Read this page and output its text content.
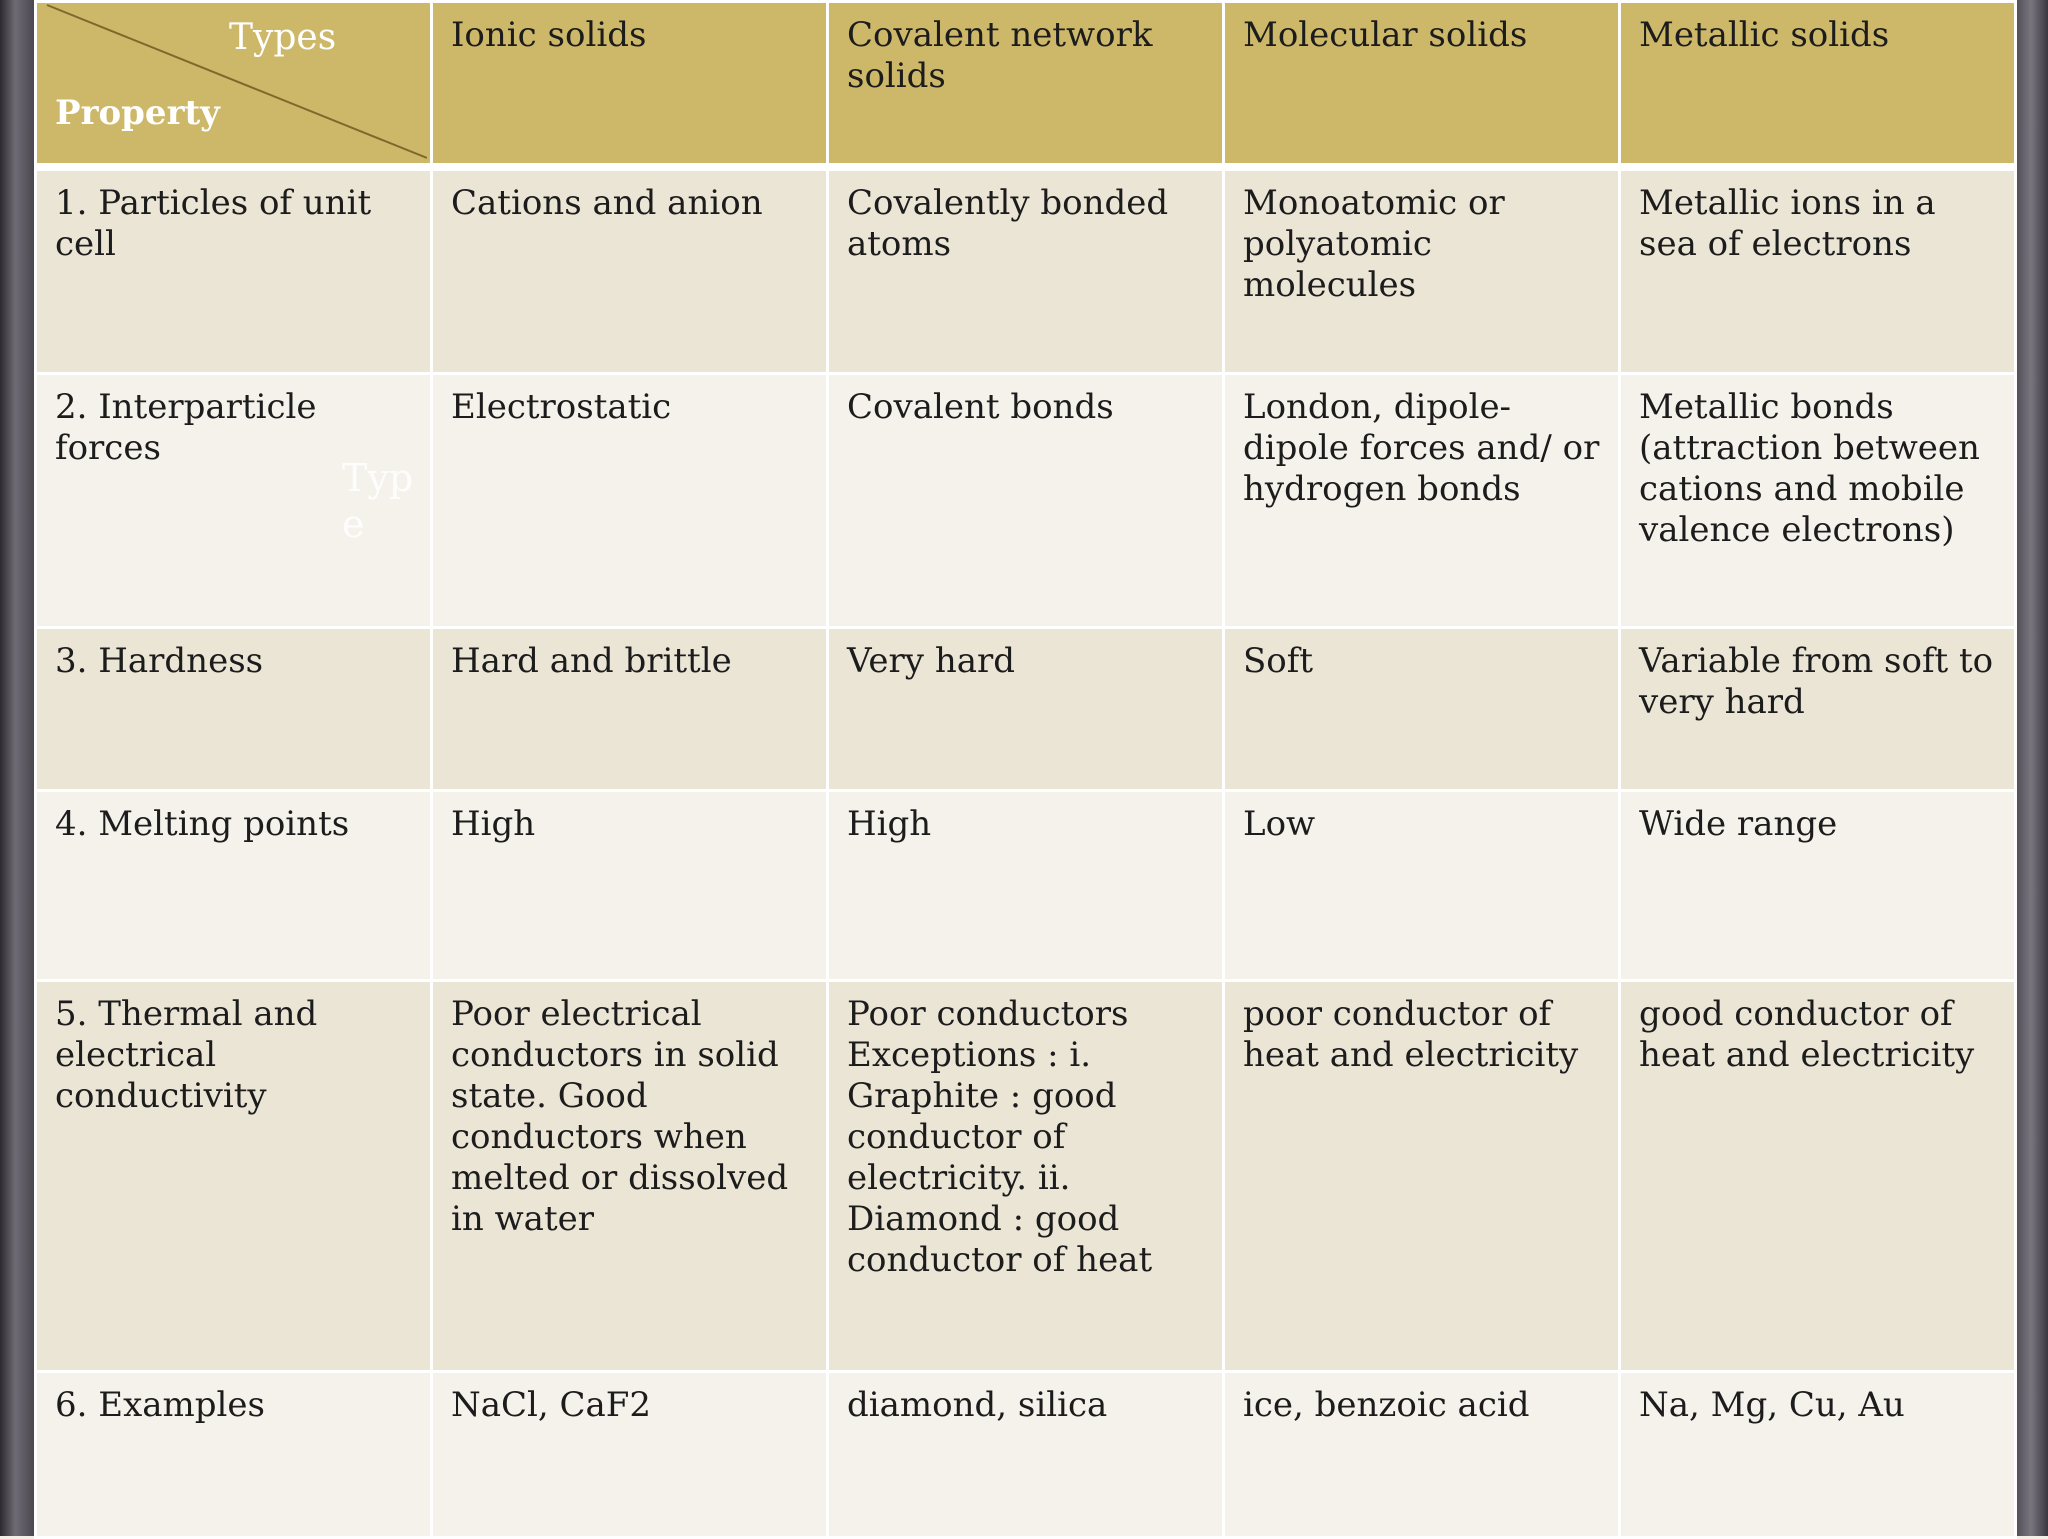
Types
Property	Ionic solids	Covalent network solids	Molecular solids	Metallic solids
1. Particles of unit cell	Cations and anion	Covalently bonded atoms	Monoatomic or polyatomic molecules	Metallic ions in a sea of electrons
2. Interparticle forces	Electrostatic	Covalent bonds	London, dipole-dipole forces and/ or hydrogen bonds	Metallic bonds (attraction between cations and mobile valence electrons)
3. Hardness	Hard and brittle	Very hard	Soft	Variable from soft to very hard
4. Melting points	High	High	Low	Wide range
5. Thermal and electrical conductivity	Poor electrical conductors in solid state. Good conductors when melted or dissolved in water	Poor conductors Exceptions : i. Graphite : good conductor of electricity. ii. Diamond : good conductor of heat	poor conductor of heat and electricity	good conductor of heat and electricity
6. Examples	NaCl, CaF2	diamond, silica	ice, benzoic acid	Na, Mg, Cu, Au
Typ
e
